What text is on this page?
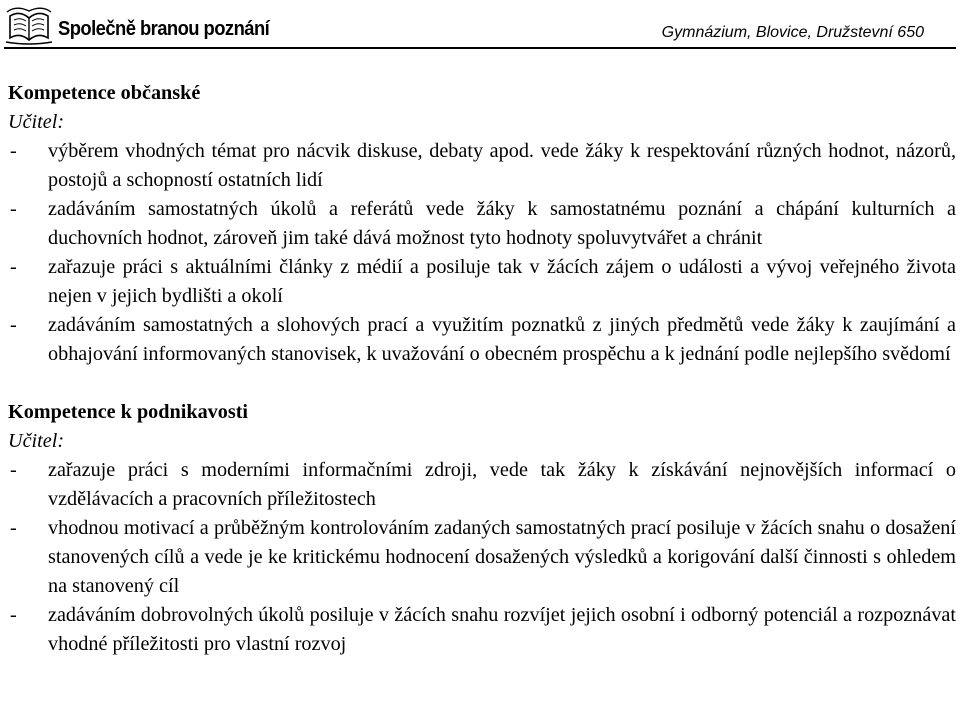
Společně branou poznání	Gymnázium, Blovice, Družstevní 650

Kompetence občanské

Učitel:

- výběrem vhodných témat pro nácvik diskuse, debaty apod. vede žáky k respektování různých hodnot, názorů, postojů a schopností ostatních lidí
- zadáváním samostatných úkolů a referátů vede žáky k samostatnému poznání a chápání kulturních a duchovních hodnot, zároveň jim také dává možnost tyto hodnoty spoluvytvářet a chránit
- zařazuje práci s aktuálními články z médií a posiluje tak v žácích zájem o události a vývoj veřejného života nejen v jejich bydlišti a okolí
- zadáváním samostatných a slohových prací a využitím poznatků z jiných předmětů vede žáky k zaujímání a obhajování informovaných stanovisek, k uvažování o obecném prospěchu a k jednání podle nejlepšího svědomí

Kompetence k podnikavosti

Učitel:

- zařazuje práci s moderními informačními zdroji, vede tak žáky k získávání nejnovějších informací o vzdělávacích a pracovních příležitostech
- vhodnou motivací a průběžným kontrolováním zadaných samostatných prací posiluje v žácích snahu o dosažení stanovených cílů a vede je ke kritickému hodnocení dosažených výsledků a korigování další činnosti s ohledem na stanovený cíl
- zadáváním dobrovolných úkolů posiluje v žácích snahu rozvíjet jejich osobní i odborný potenciál a rozpoznávat vhodné příležitosti pro vlastní rozvoj
